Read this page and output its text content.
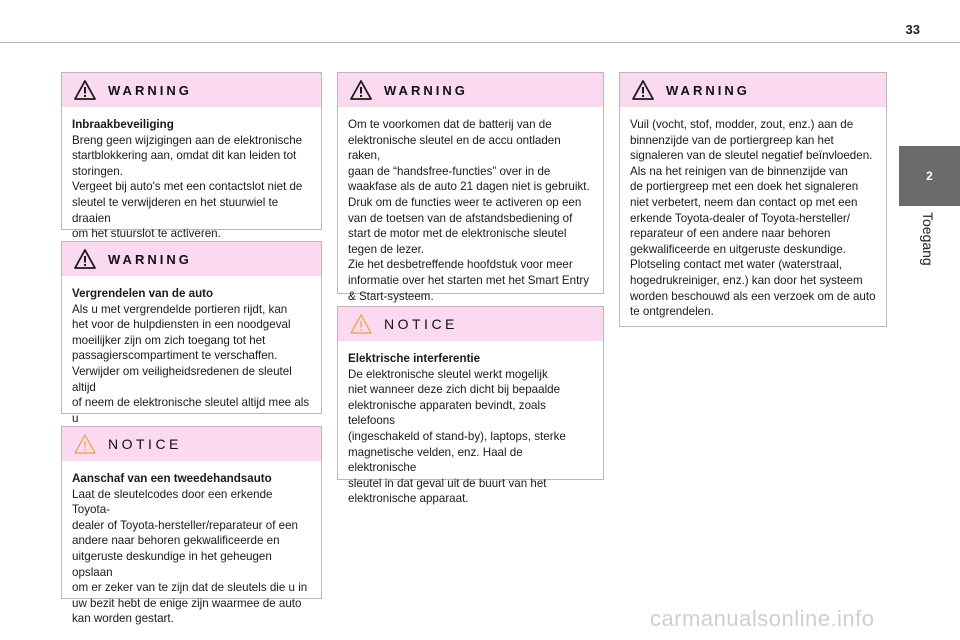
33
2
Toegang
WARNING
Inbraakbeveiliging
Breng geen wijzigingen aan de elektronische
startblokkering aan, omdat dit kan leiden tot
storingen.
Vergeet bij auto's met een contactslot niet de
sleutel te verwijderen en het stuurwiel te draaien
om het stuurslot te activeren.
WARNING
Vergrendelen van de auto
Als u met vergrendelde portieren rijdt, kan
het voor de hulpdiensten in een noodgeval
moeilijker zijn om zich toegang tot het
passagierscompartiment te verschaffen.
Verwijder om veiligheidsredenen de sleutel altijd
of neem de elektronische sleutel altijd mee als u

NOTICE
Aanschaf van een tweedehandsauto
Laat de sleutelcodes door een erkende Toyota-
dealer of Toyota-hersteller/reparateur of een
andere naar behoren gekwalificeerde en
uitgeruste deskundige in het geheugen opslaan
om er zeker van te zijn dat de sleutels die u in
uw bezit hebt de enige zijn waarmee de auto
kan worden gestart.
WARNING
Om te voorkomen dat de batterij van de
elektronische sleutel en de accu ontladen raken,
gaan de “handsfree-functies” over in de
waakfase als de auto 21 dagen niet is gebruikt.
Druk om de functies weer te activeren op een
van de toetsen van de afstandsbediening of
start de motor met de elektronische sleutel
tegen de lezer.
Zie het desbetreffende hoofdstuk voor meer
informatie over het starten met het Smart Entry
& Start-systeem.
NOTICE
Elektrische interferentie
De elektronische sleutel werkt mogelijk
niet wanneer deze zich dicht bij bepaalde
elektronische apparaten bevindt, zoals telefoons
(ingeschakeld of stand-by), laptops, sterke
magnetische velden, enz. Haal de elektronische
sleutel in dat geval uit de buurt van het
elektronische apparaat.
WARNING
Vuil (vocht, stof, modder, zout, enz.) aan de
binnenzijde van de portiergreep kan het
signaleren van de sleutel negatief beïnvloeden.
Als na het reinigen van de binnenzijde van
de portiergreep met een doek het signaleren
niet verbetert, neem dan contact op met een
erkende Toyota-dealer of Toyota-hersteller/
reparateur of een andere naar behoren
gekwalificeerde en uitgeruste deskundige.
Plotseling contact met water (waterstraal,
hogedrukreiniger, enz.) kan door het systeem
worden beschouwd als een verzoek om de auto
te ontgrendelen.
carmanualsonline.info
